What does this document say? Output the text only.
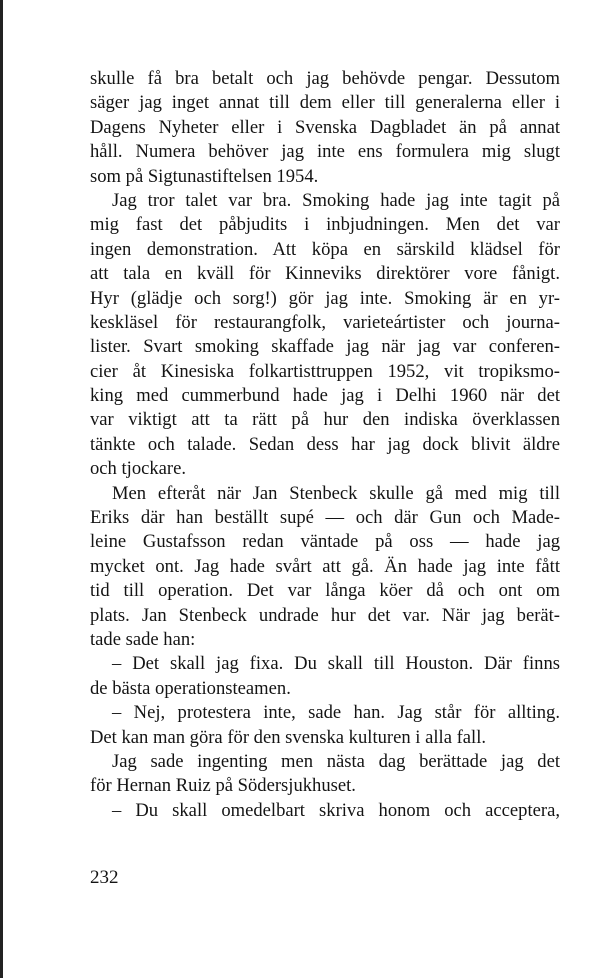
skulle få bra betalt och jag behövde pengar. Dessutom
säger jag inget annat till dem eller till generalerna eller i
Dagens Nyheter eller i Svenska Dagbladet än på annat
håll. Numera behöver jag inte ens formulera mig slugt
som på Sigtunastiftelsen 1954.
Jag tror talet var bra. Smoking hade jag inte tagit på
mig fast det påbjudits i inbjudningen. Men det var
ingen demonstration. Att köpa en särskild klädsel för
att tala en kväll för Kinneviks direktörer vore fånigt.
Hyr (glädje och sorg!) gör jag inte. Smoking är en yr-
keskläsel för restaurangfolk, varieteártister och journa-
lister. Svart smoking skaffade jag när jag var conferen-
cier åt Kinesiska folkartisttruppen 1952, vit tropiksmo-
king med cummerbund hade jag i Delhi 1960 när det
var viktigt att ta rätt på hur den indiska överklassen
tänkte och talade. Sedan dess har jag dock blivit äldre
och tjockare.
Men efteråt när Jan Stenbeck skulle gå med mig till
Eriks där han beställt supé — och där Gun och Made-
leine Gustafsson redan väntade på oss — hade jag
mycket ont. Jag hade svårt att gå. Än hade jag inte fått
tid till operation. Det var långa köer då och ont om
plats. Jan Stenbeck undrade hur det var. När jag berät-
tade sade han:
– Det skall jag fixa. Du skall till Houston. Där finns
de bästa operationsteamen.
– Nej, protestera inte, sade han. Jag står för allting.
Det kan man göra för den svenska kulturen i alla fall.
Jag sade ingenting men nästa dag berättade jag det
för Hernan Ruiz på Södersjukhuset.
– Du skall omedelbart skriva honom och acceptera,
232
